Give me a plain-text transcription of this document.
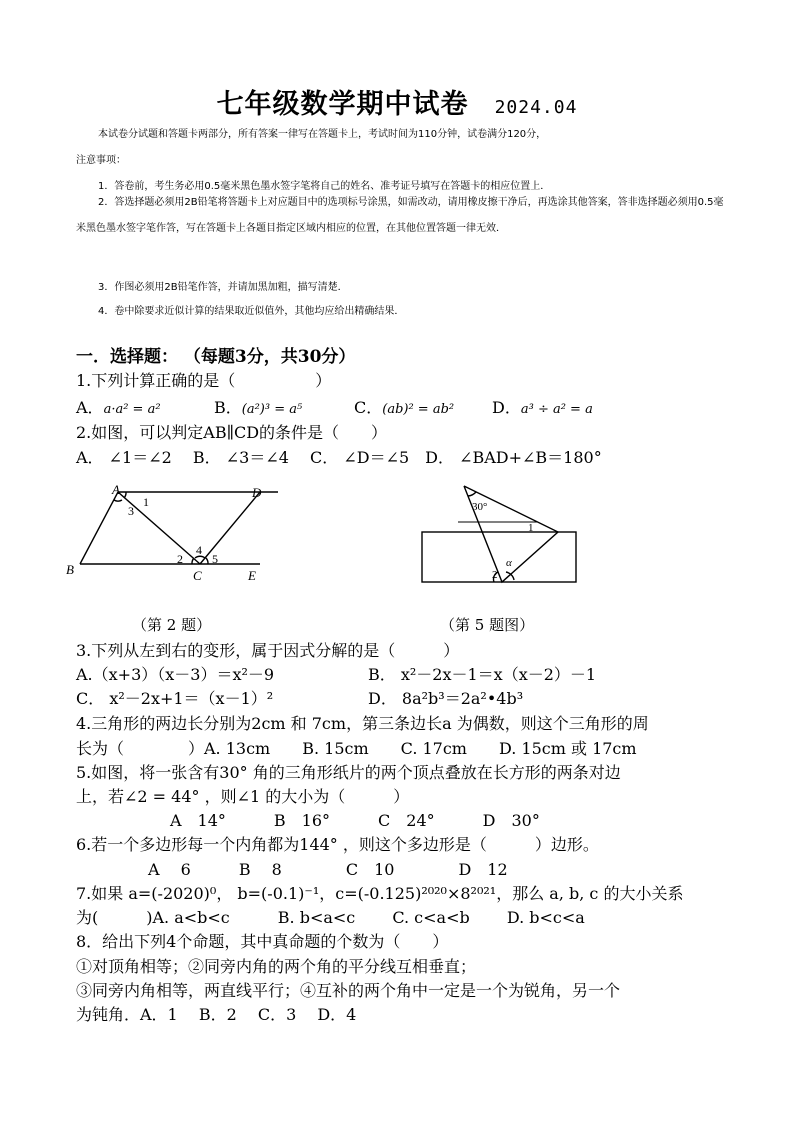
七年级数学期中试卷 2024.04
本试卷分试题和答题卡两部分，所有答案一律写在答题卡上，考试时间为110分钟，试卷满分120分，
注意事项：
1．答卷前，考生务必用0.5毫米黑色墨水签字笔将自己的姓名、准考证号填写在答题卡的相应位置上．
2．答选择题必须用2B铅笔将答题卡上对应题目中的选项标号涂黑，如需改动，请用橡皮擦干净后，再选涂其他答案，答非选择题必须用0.5毫米黑色墨水签字笔作答，写在答题卡上各题目指定区域内相应的位置，在其他位置答题一律无效．
3．作图必须用2B铅笔作答，并请加黑加粗，描写清楚．
4．卷中除要求近似计算的结果取近似值外，其他均应给出精确结果．
一．选择题： （每题3分，共30分）
1.下列计算正确的是（　　　　　）
A．a·a² = a²	B．(a²)³ = a⁵	C．(ab)² = ab² D．a³ ÷ a² = a
2.如图，可以判定AB∥CD的条件是（　　）
A． ∠1＝∠2　 B． ∠3＝∠4　 C． ∠D＝∠5　D． ∠BAD+∠B＝180°
A	D
B	C	E
1
3
2
4
5
30°
1
2
α
（第 2 题）	（第 5 题图）
3.下列从左到右的变形，属于因式分解的是（　　　）
A.（x+3）（x－3）＝x²－9	B． x²－2x－1＝x（x－2）－1
C． x²－2x+1＝（x－1）²	D． 8a²b³＝2a²•4b³
4.三角形的两边长分别为2cm 和 7cm，第三条边长a 为偶数，则这个三角形的周
长为（　　　　）A. 13cm　　B. 15cm　　C. 17cm　　D. 15cm 或 17cm
5.如图，将一张含有30° 角的三角形纸片的两个顶点叠放在长方形的两条对边
上，若∠2 = 44° ，则∠1 的大小为（　　　）
A　14°　　　B　16°　　　C　24°　　　D　30°
6.若一个多边形每一个内角都为144° ，则这个多边形是（　　　）边形。
A　 6　　　B　 8　　　　C　10　　　　D　12
7.如果 a=(-2020)⁰， b=(-0.1)⁻¹，c=(-0.125)²⁰²⁰×8²⁰²¹，那么 a, b, c 的大小关系
为(　　　)A. a<b<c　　　B. b<a<c　　 C. c<a<b　　 D. b<c<a
8．给出下列4个命题，其中真命题的个数为（　　）
①对顶角相等；②同旁内角的两个角的平分线互相垂直；
③同旁内角相等，两直线平行；④互补的两个角中一定是一个为锐角，另一个
为钝角．A．1　 B．2　 C．3　 D．4
